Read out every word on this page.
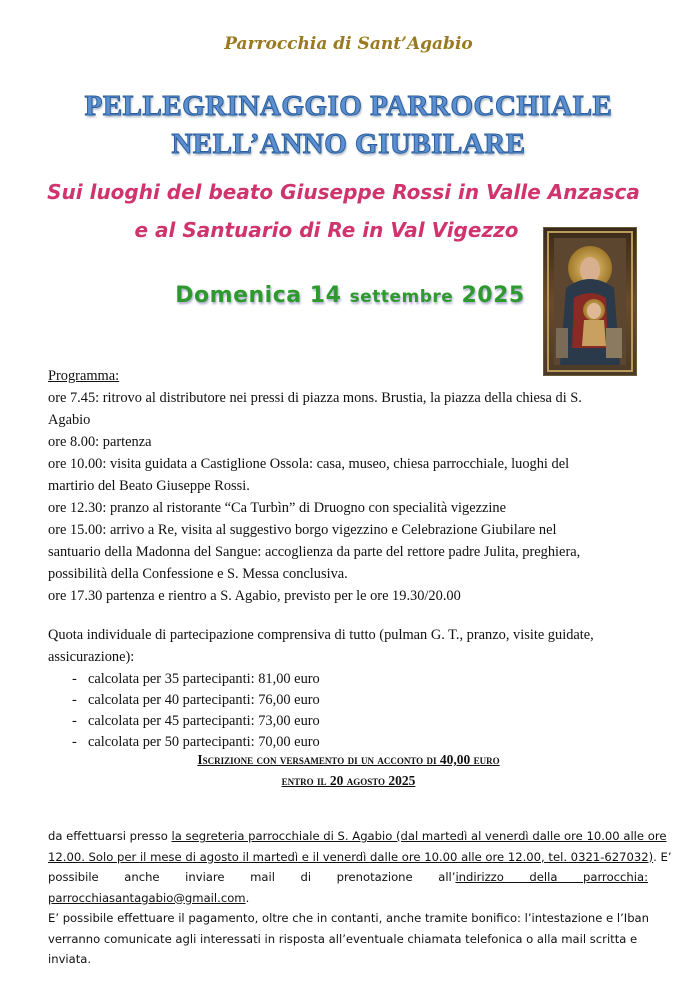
Parrocchia di Sant’Agabio
PELLEGRINAGGIO PARROCCHIALE
NELL’ANNO GIUBILARE
Sui luoghi del beato Giuseppe Rossi in Valle Anzasca
e al Santuario di Re in Val Vigezzo
Domenica 14 settembre 2025
Programma:
ore 7.45: ritrovo al distributore nei pressi di piazza mons. Brustia, la piazza della chiesa di S.
Agabio
ore 8.00: partenza
ore 10.00: visita guidata a Castiglione Ossola: casa, museo, chiesa parrocchiale, luoghi del
martirio del Beato Giuseppe Rossi.
ore 12.30: pranzo al ristorante “Ca Turbìn” di Druogno con specialità vigezzine
ore 15.00: arrivo a Re, visita al suggestivo borgo vigezzino e Celebrazione Giubilare nel
santuario della Madonna del Sangue: accoglienza da parte del rettore padre Julita, preghiera,
possibilità della Confessione e S. Messa conclusiva.
ore 17.30 partenza e rientro a S. Agabio, previsto per le ore 19.30/20.00
Quota individuale di partecipazione comprensiva di tutto (pulman G. T., pranzo, visite guidate,
assicurazione):
- calcolata per 35 partecipanti: 81,00 euro
- calcolata per 40 partecipanti: 76,00 euro
- calcolata per 45 partecipanti: 73,00 euro
- calcolata per 50 partecipanti: 70,00 euro
Iscrizione con versamento di un acconto di 40,00 euro
entro il 20 agosto 2025
da effettuarsi presso la segreteria parrocchiale di S. Agabio (dal martedì al venerdì dalle ore 10.00 alle ore
12.00. Solo per il mese di agosto il martedì e il venerdì dalle ore 10.00 alle ore 12.00, tel. 0321-627032). E’
possibile anche inviare mail di prenotazione all’indirizzo della parrocchia:
parrocchiasantagabio@gmail.com.
E’ possibile effettuare il pagamento, oltre che in contanti, anche tramite bonifico: l’intestazione e l’Iban
verranno comunicate agli interessati in risposta all’eventuale chiamata telefonica o alla mail scritta e
inviata.
